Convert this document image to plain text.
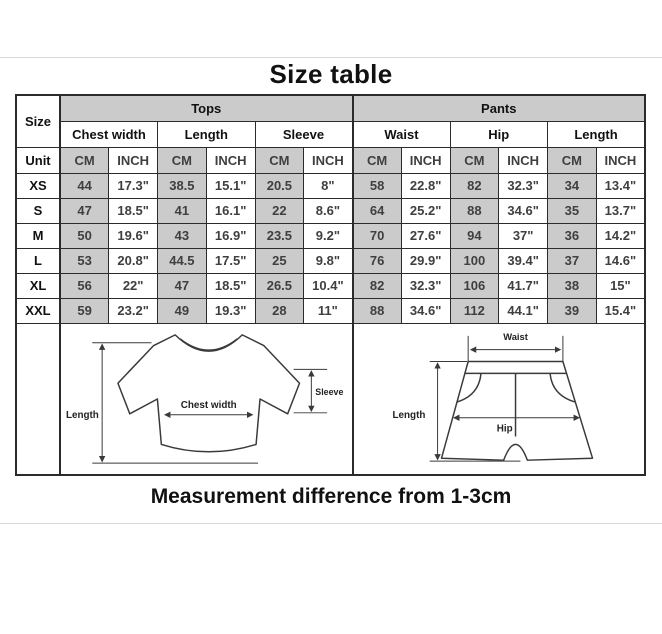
Size table
Size	Tops						Pants					
	Chest width		Length		Sleeve		Waist		Hip		Length	
Unit	CM	INCH	CM	INCH	CM	INCH	CM	INCH	CM	INCH	CM	INCH
XS	44	17.3"	38.5	15.1"	20.5	8"	58	22.8"	82	32.3"	34	13.4"
S	47	18.5"	41	16.1"	22	8.6"	64	25.2"	88	34.6"	35	13.7"
M	50	19.6"	43	16.9"	23.5	9.2"	70	27.6"	94	37"	36	14.2"
L	53	20.8"	44.5	17.5"	25	9.8"	76	29.9"	100	39.4"	37	14.6"
XL	56	22"	47	18.5"	26.5	10.4"	82	32.3"	106	41.7"	38	15"
XXL	59	23.2"	49	19.3"	28	11"	88	34.6"	112	44.1"	39	15.4"

Length
Chest width
Sleeve						Waist
Length
Hip					
Measurement difference from 1-3cm
